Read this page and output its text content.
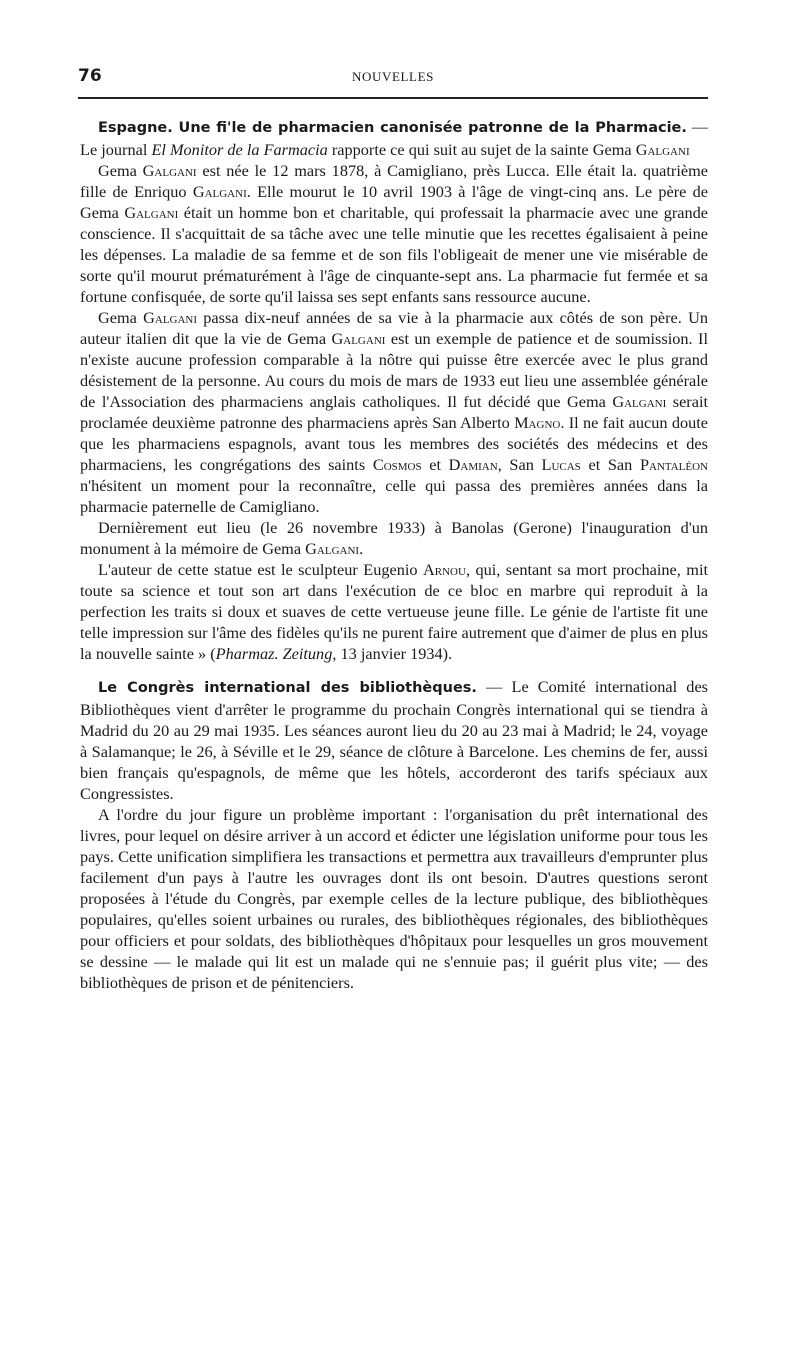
76	NOUVELLES

Espagne. Une fi'le de pharmacien canonisée patronne de la Pharmacie. — Le journal El Monitor de la Farmacia rapporte ce qui suit au sujet de la sainte Gema Galgani

Gema Galgani est née le 12 mars 1878, à Camigliano, près Lucca. Elle était la. quatrième fille de Enriquo Galgani. Elle mourut le 10 avril 1903 à l'âge de vingt-cinq ans. Le père de Gema Galgani était un homme bon et charitable, qui professait la pharmacie avec une grande conscience. Il s'acquittait de sa tâche avec une telle minutie que les recettes égalisaient à peine les dépenses. La maladie de sa femme et de son fils l'obligeait de mener une vie misérable de sorte qu'il mourut prématurément à l'âge de cinquante-sept ans. La pharmacie fut fermée et sa fortune confisquée, de sorte qu'il laissa ses sept enfants sans ressource aucune.

Gema Galgani passa dix-neuf années de sa vie à la pharmacie aux côtés de son père. Un auteur italien dit que la vie de Gema Galgani est un exemple de patience et de soumission. Il n'existe aucune profession comparable à la nôtre qui puisse être exercée avec le plus grand désistement de la personne. Au cours du mois de mars de 1933 eut lieu une assemblée générale de l'Association des pharmaciens anglais catholiques. Il fut décidé que Gema Galgani serait proclamée deuxième patronne des pharmaciens après San Alberto Magno. Il ne fait aucun doute que les pharmaciens espagnols, avant tous les membres des sociétés des médecins et des pharmaciens, les congrégations des saints Cosmos et Damian, San Lucas et San Pantaléon n'hésitent un moment pour la reconnaître, celle qui passa des premières années dans la pharmacie paternelle de Camigliano.

Dernièrement eut lieu (le 26 novembre 1933) à Banolas (Gerone) l'inauguration d'un monument à la mémoire de Gema Galgani.

L'auteur de cette statue est le sculpteur Eugenio Arnou, qui, sentant sa mort prochaine, mit toute sa science et tout son art dans l'exécution de ce bloc en marbre qui reproduit à la perfection les traits si doux et suaves de cette vertueuse jeune fille. Le génie de l'artiste fit une telle impression sur l'âme des fidèles qu'ils ne purent faire autrement que d'aimer de plus en plus la nouvelle sainte » (Pharmaz. Zeitung, 13 janvier 1934).

Le Congrès international des bibliothèques. — Le Comité international des Bibliothèques vient d'arrêter le programme du prochain Congrès international qui se tiendra à Madrid du 20 au 29 mai 1935. Les séances auront lieu du 20 au 23 mai à Madrid; le 24, voyage à Salamanque; le 26, à Séville et le 29, séance de clôture à Barcelone. Les chemins de fer, aussi bien français qu'espagnols, de même que les hôtels, accorderont des tarifs spéciaux aux Congressistes.

A l'ordre du jour figure un problème important : l'organisation du prêt international des livres, pour lequel on désire arriver à un accord et édicter une législation uniforme pour tous les pays. Cette unification simplifiera les transactions et permettra aux travailleurs d'emprunter plus facilement d'un pays à l'autre les ouvrages dont ils ont besoin. D'autres questions seront proposées à l'étude du Congrès, par exemple celles de la lecture publique, des bibliothèques populaires, qu'elles soient urbaines ou rurales, des bibliothèques régionales, des bibliothèques pour officiers et pour soldats, des bibliothèques d'hôpitaux pour lesquelles un gros mouvement se dessine — le malade qui lit est un malade qui ne s'ennuie pas; il guérit plus vite; — des bibliothèques de prison et de pénitenciers.
